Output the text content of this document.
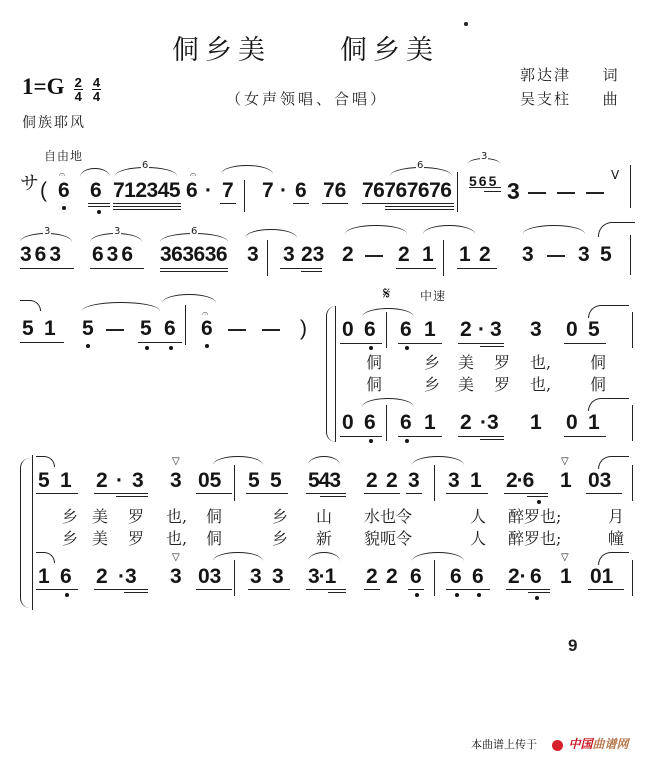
侗乡美	侗乡美
$1=G \frac{2}{4}$
$\frac{4}{4}$
侗族耶风
（女声领唱、合唱）
郭达津 词
吴支柱 曲
自由地
サ (
𝄐
6 6
6
712345
𝄐
6 · 7 7 · 6 76
6
76767676
3
565 3
V
3
363
3
636
6
363636 3 3 23 2 2 1 1 2 3 3 5
5 1 5 5 6
𝄐
6	)
𝄋 中速
0 6 6 1 2 · 3 3 0 5
侗	乡 美 罗 也, 侗
侗	乡 美 罗 也, 侗
0 6 6 1 2 ·3 1 0 1
5 1 2 · 3
▽
3 05 5 5 543 2 2 3 3 1 2·6
▽
1 03
乡 美 罗 也, 侗	乡 山 水也令	人 醉罗也;	月
乡 美 罗 也, 侗	乡 新 貌呃令	人 醉罗也;	幢
1 6 2 ·3
▽
3 03 3 3 3·1 2 2 6 6 6 2· 6
▽
1 01
9
本曲谱上传于	中国曲谱网
